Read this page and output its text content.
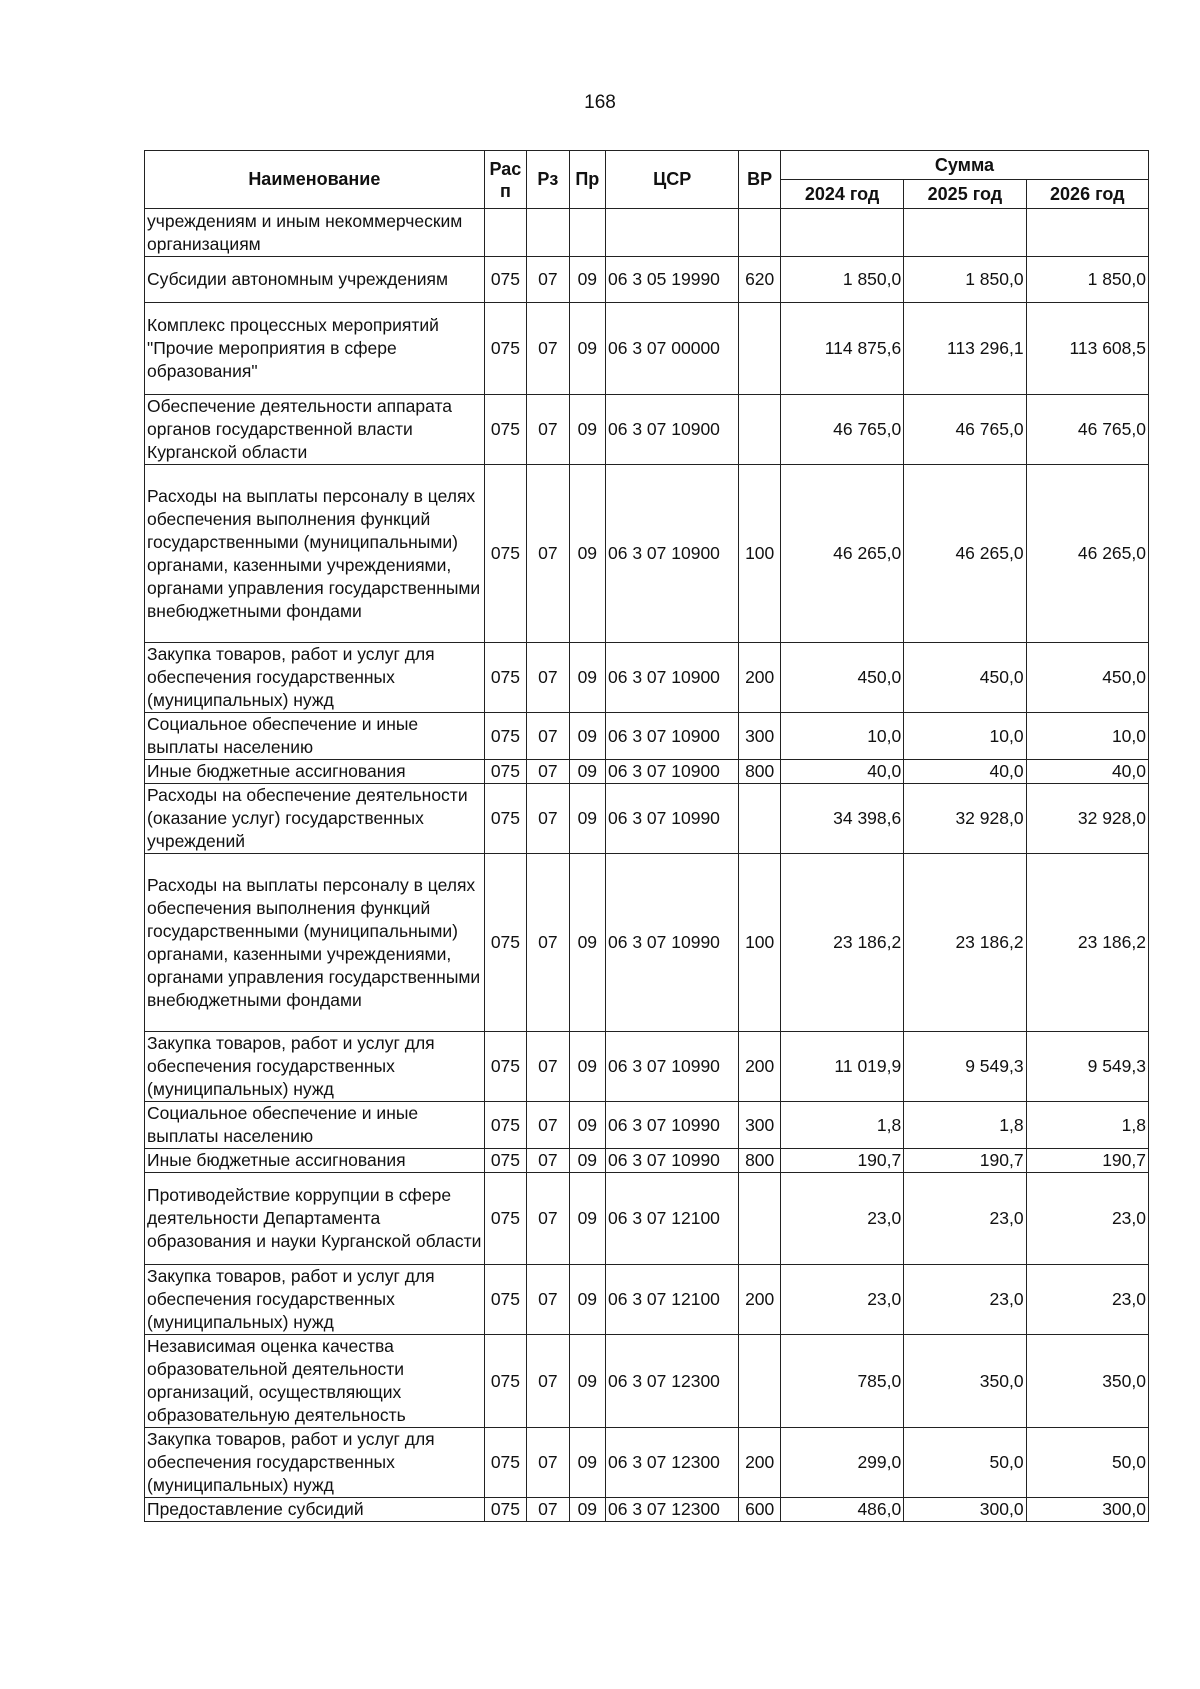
168
Наименование	Рас п	Рз	Пр	ЦСР	ВР	Сумма		
						2024 год	2025 год	2026 год
учреждениям и иным некоммерческим организациям								
Субсидии автономным учреждениям	075	07	09	06 3 05 19990	620	1 850,0	1 850,0	1 850,0
Комплекс процессных мероприятий "Прочие мероприятия в сфере образования"	075	07	09	06 3 07 00000		114 875,6	113 296,1	113 608,5
Обеспечение деятельности аппарата органов государственной власти Курганской области	075	07	09	06 3 07 10900		46 765,0	46 765,0	46 765,0
Расходы на выплаты персоналу в целях обеспечения выполнения функций государственными (муниципальными) органами, казенными учреждениями, органами управления государственными внебюджетными фондами	075	07	09	06 3 07 10900	100	46 265,0	46 265,0	46 265,0
Закупка товаров, работ и услуг для обеспечения государственных (муниципальных) нужд	075	07	09	06 3 07 10900	200	450,0	450,0	450,0
Социальное обеспечение и иные выплаты населению	075	07	09	06 3 07 10900	300	10,0	10,0	10,0
Иные бюджетные ассигнования	075	07	09	06 3 07 10900	800	40,0	40,0	40,0
Расходы на обеспечение деятельности (оказание услуг) государственных учреждений	075	07	09	06 3 07 10990		34 398,6	32 928,0	32 928,0
Расходы на выплаты персоналу в целях обеспечения выполнения функций государственными (муниципальными) органами, казенными учреждениями, органами управления государственными внебюджетными фондами	075	07	09	06 3 07 10990	100	23 186,2	23 186,2	23 186,2
Закупка товаров, работ и услуг для обеспечения государственных (муниципальных) нужд	075	07	09	06 3 07 10990	200	11 019,9	9 549,3	9 549,3
Социальное обеспечение и иные выплаты населению	075	07	09	06 3 07 10990	300	1,8	1,8	1,8
Иные бюджетные ассигнования	075	07	09	06 3 07 10990	800	190,7	190,7	190,7
Противодействие коррупции в сфере деятельности Департамента образования и науки Курганской области	075	07	09	06 3 07 12100		23,0	23,0	23,0
Закупка товаров, работ и услуг для обеспечения государственных (муниципальных) нужд	075	07	09	06 3 07 12100	200	23,0	23,0	23,0
Независимая оценка качества образовательной деятельности организаций, осуществляющих образовательную деятельность	075	07	09	06 3 07 12300		785,0	350,0	350,0
Закупка товаров, работ и услуг для обеспечения государственных (муниципальных) нужд	075	07	09	06 3 07 12300	200	299,0	50,0	50,0
Предоставление субсидий	075	07	09	06 3 07 12300	600	486,0	300,0	300,0
